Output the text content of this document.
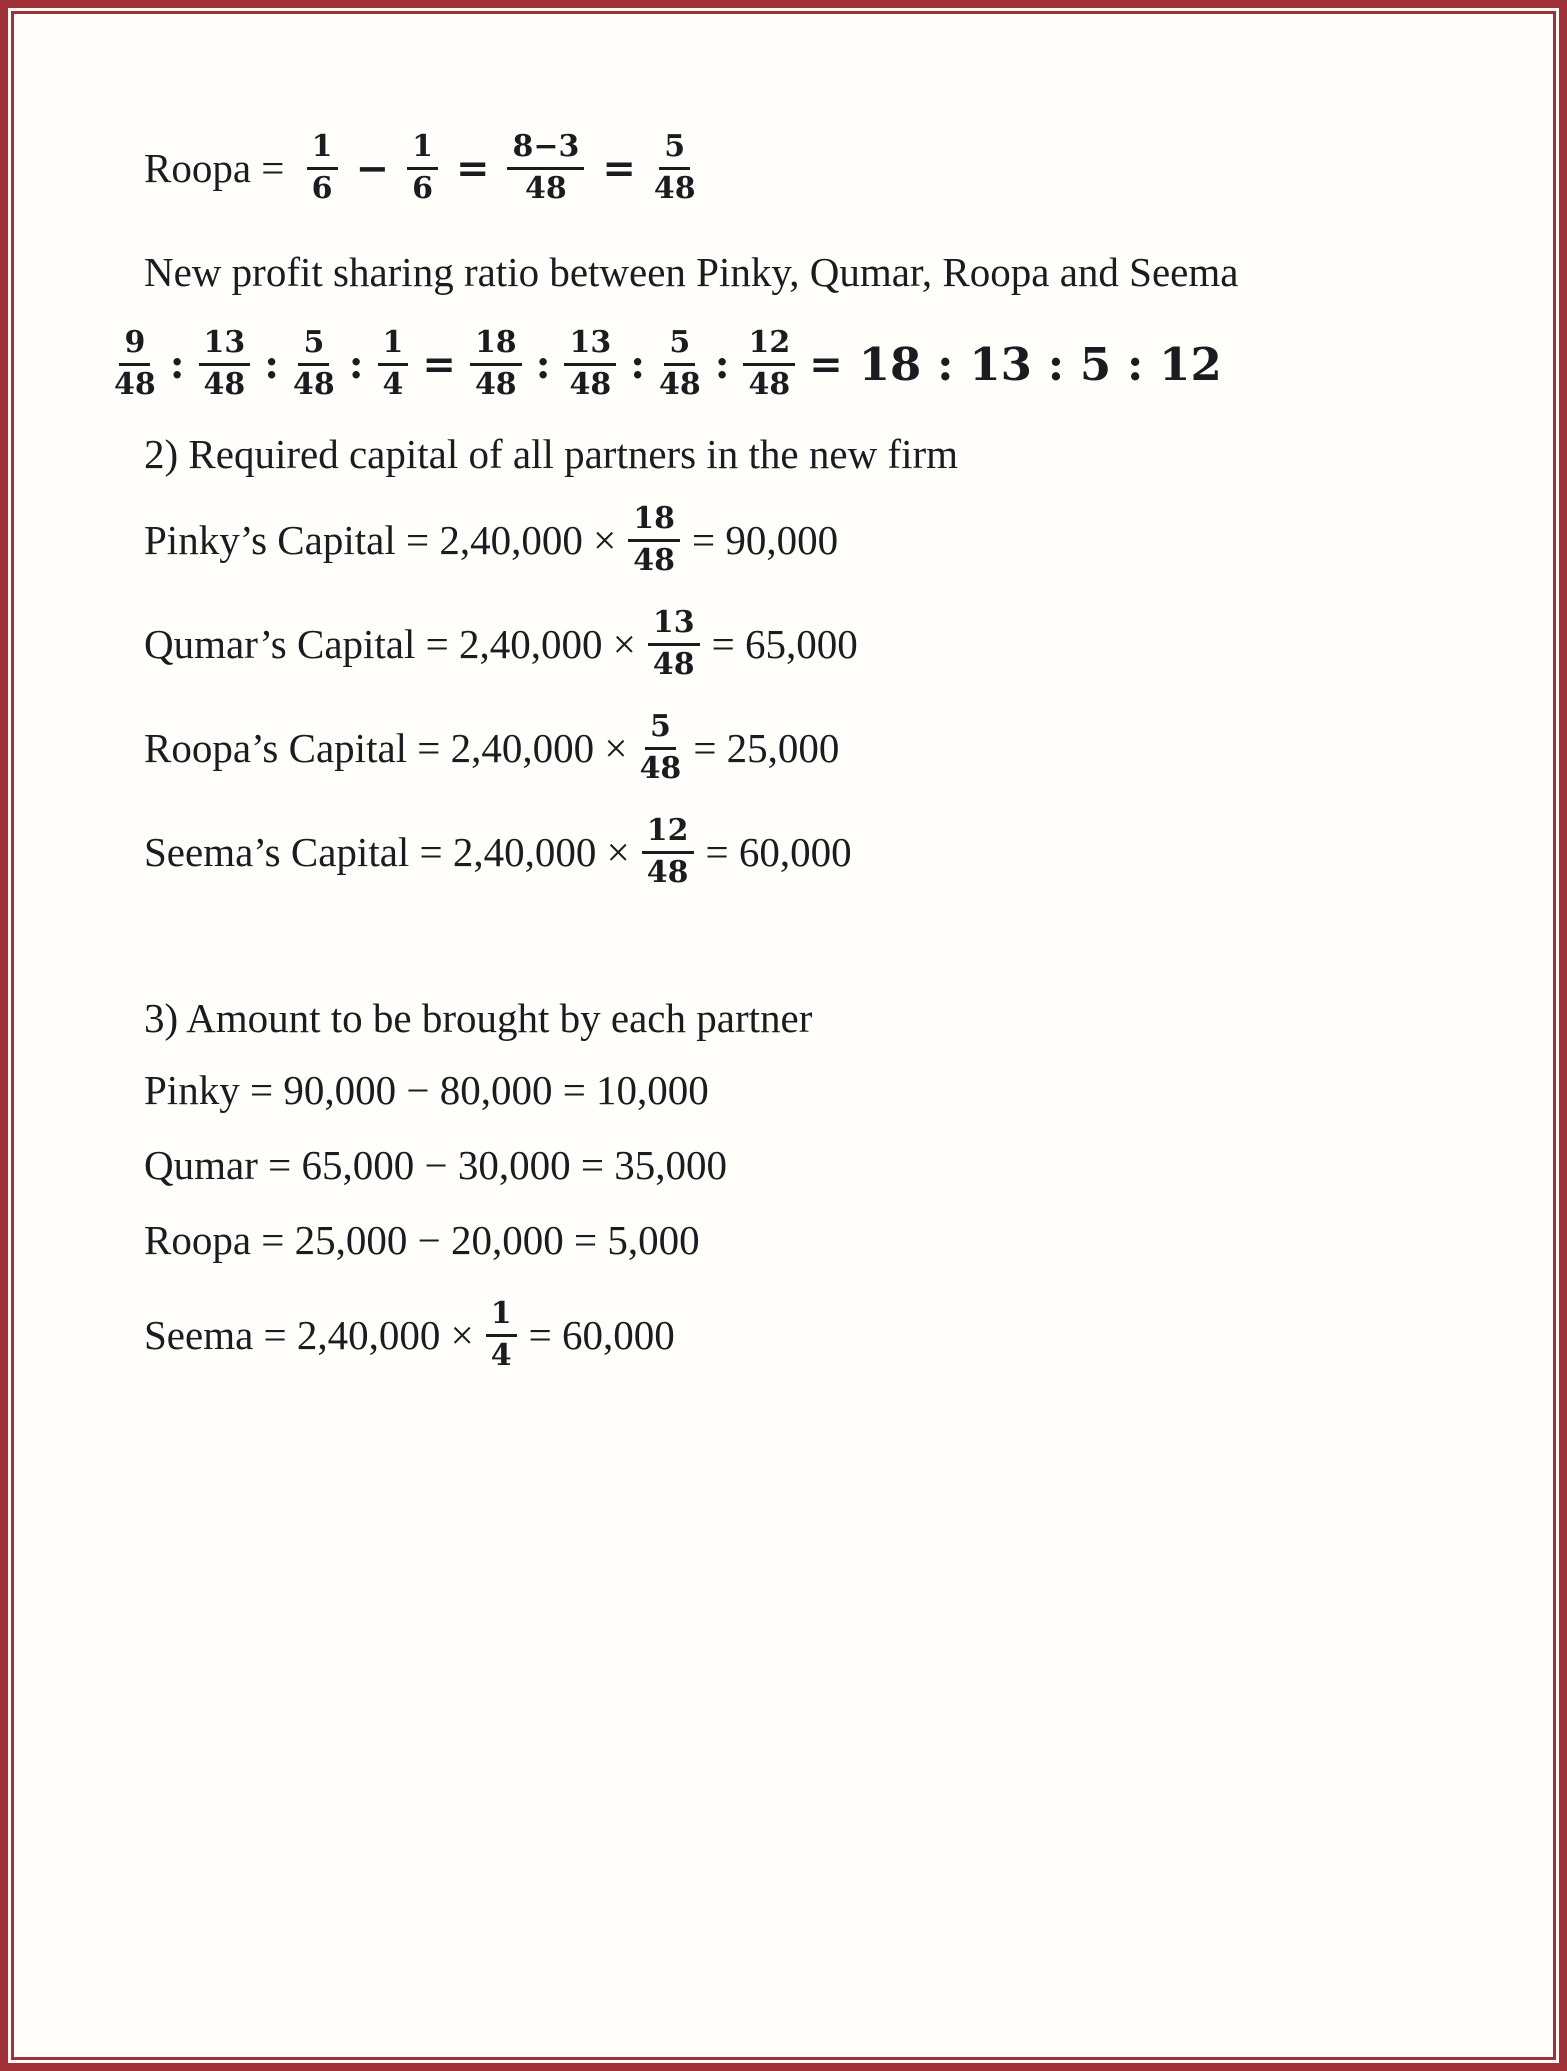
Roopa = $\frac{1}{6} - \frac{1}{6} = \frac{8-3}{48} = \frac{5}{48}$
New profit sharing ratio between Pinky, Qumar, Roopa and Seema
$\frac{9}{48}$ : $\frac{13}{48}$ : $\frac{5}{48}$ : $\frac{1}{4} = \frac{18}{48}$ : $\frac{13}{48}$ : $\frac{5}{48}$ : $\frac{12}{48} = 18$ : 13 : 5 : 12
2) Required capital of all partners in the new firm
Pinky’s Capital = $2,40,000 \times \frac{18}{48} = 90,000$
Qumar’s Capital = $2,40,000 \times \frac{13}{48} = 65,000$
Roopa’s Capital = $2,40,000 \times \frac{5}{48} = 25,000$
Seema’s Capital = $2,40,000 \times \frac{12}{48} = 60,000$
3) Amount to be brought by each partner
Pinky = 90,000 − 80,000 = 10,000
Qumar = 65,000 − 30,000 = 35,000
Roopa = 25,000 − 20,000 = 5,000
Seema = $2,40,000 \times \frac{1}{4} = 60,000$
